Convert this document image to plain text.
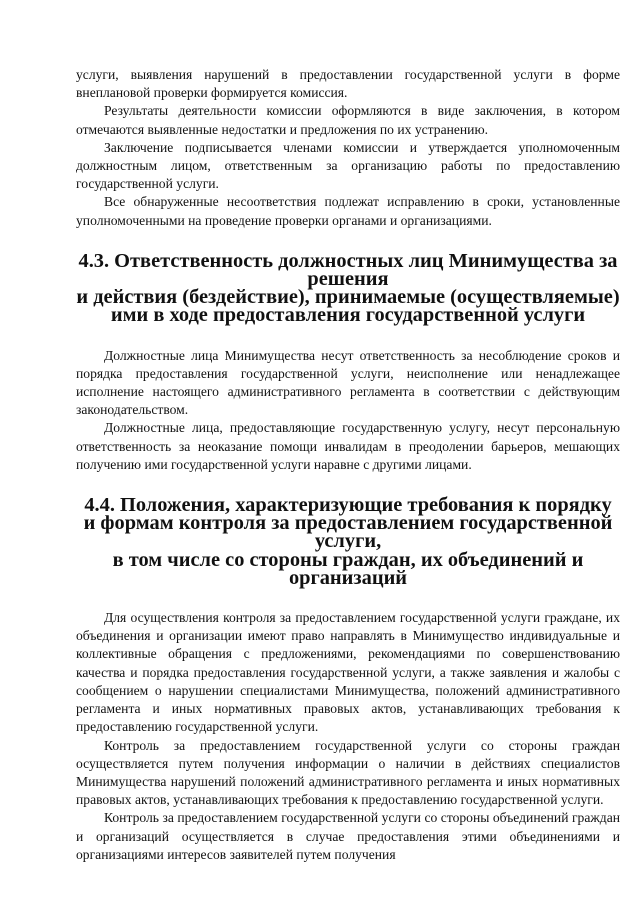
услуги, выявления нарушений в предоставлении государственной услуги в форме внеплановой проверки формируется комиссия.

Результаты деятельности комиссии оформляются в виде заключения, в котором отмечаются выявленные недостатки и предложения по их устранению.

Заключение подписывается членами комиссии и утверждается уполномоченным должностным лицом, ответственным за организацию работы по предоставлению государственной услуги.

Все обнаруженные несоответствия подлежат исправлению в сроки, установленные уполномоченными на проведение проверки органами и организациями.

4.3. Ответственность должностных лиц Минимущества за решения
и действия (бездействие), принимаемые (осуществляемые)
ими в ходе предоставления государственной услуги

Должностные лица Минимущества несут ответственность за несоблюдение сроков и порядка предоставления государственной услуги, неисполнение или ненадлежащее исполнение настоящего административного регламента в соответствии с действующим законодательством.

Должностные лица, предоставляющие государственную услугу, несут персональную ответственность за неоказание помощи инвалидам в преодолении барьеров, мешающих получению ими государственной услуги наравне с другими лицами.

4.4. Положения, характеризующие требования к порядку
и формам контроля за предоставлением государственной услуги,
в том числе со стороны граждан, их объединений и организаций

Для осуществления контроля за предоставлением государственной услуги граждане, их объединения и организации имеют право направлять в Минимущество индивидуальные и коллективные обращения с предложениями, рекомендациями по совершенствованию качества и порядка предоставления государственной услуги, а также заявления и жалобы с сообщением о нарушении специалистами Минимущества, положений административного регламента и иных нормативных правовых актов, устанавливающих требования к предоставлению государственной услуги.

Контроль за предоставлением государственной услуги со стороны граждан осуществляется путем получения информации о наличии в действиях специалистов Минимущества нарушений положений административного регламента и иных нормативных правовых актов, устанавливающих требования к предоставлению государственной услуги.

Контроль за предоставлением государственной услуги со стороны объединений граждан и организаций осуществляется в случае предоставления этими объединениями и организациями интересов заявителей путем получения
